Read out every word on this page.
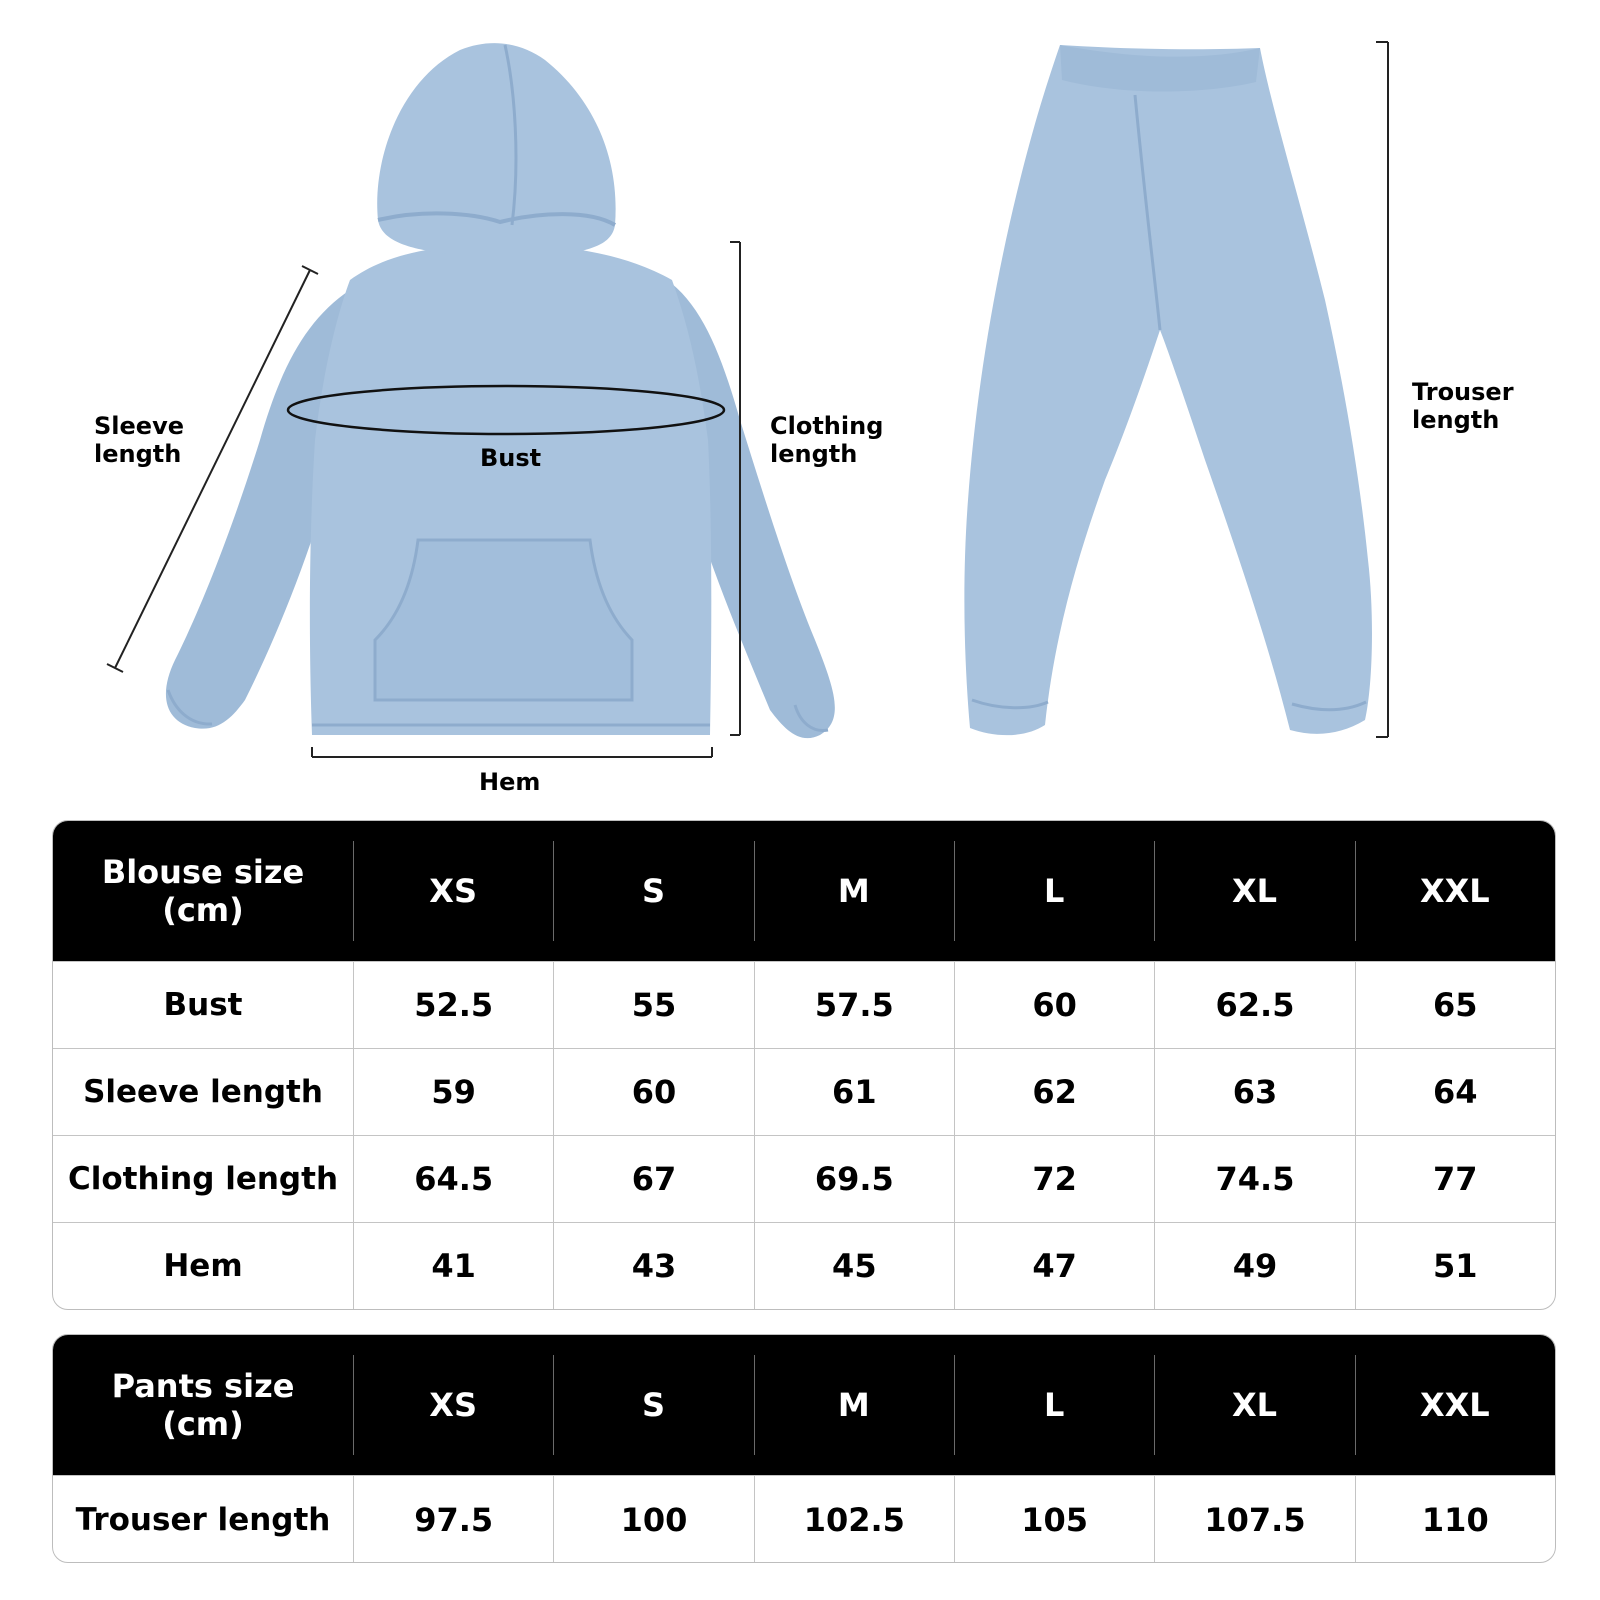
Sleeve
length	Bust
Clothing
length
Hem
Trouser
length
Blouse size
(cm)	XS	S	M	L	XL	XXL
Bust	52.5	55	57.5	60	62.5	65
Sleeve length	59	60	61	62	63	64
Clothing length	64.5	67	69.5	72	74.5	77
Hem	41	43	45	47	49	51
Pants size
(cm)	XS	S	M	L	XL	XXL
Trouser length	97.5	100	102.5	105	107.5	110
